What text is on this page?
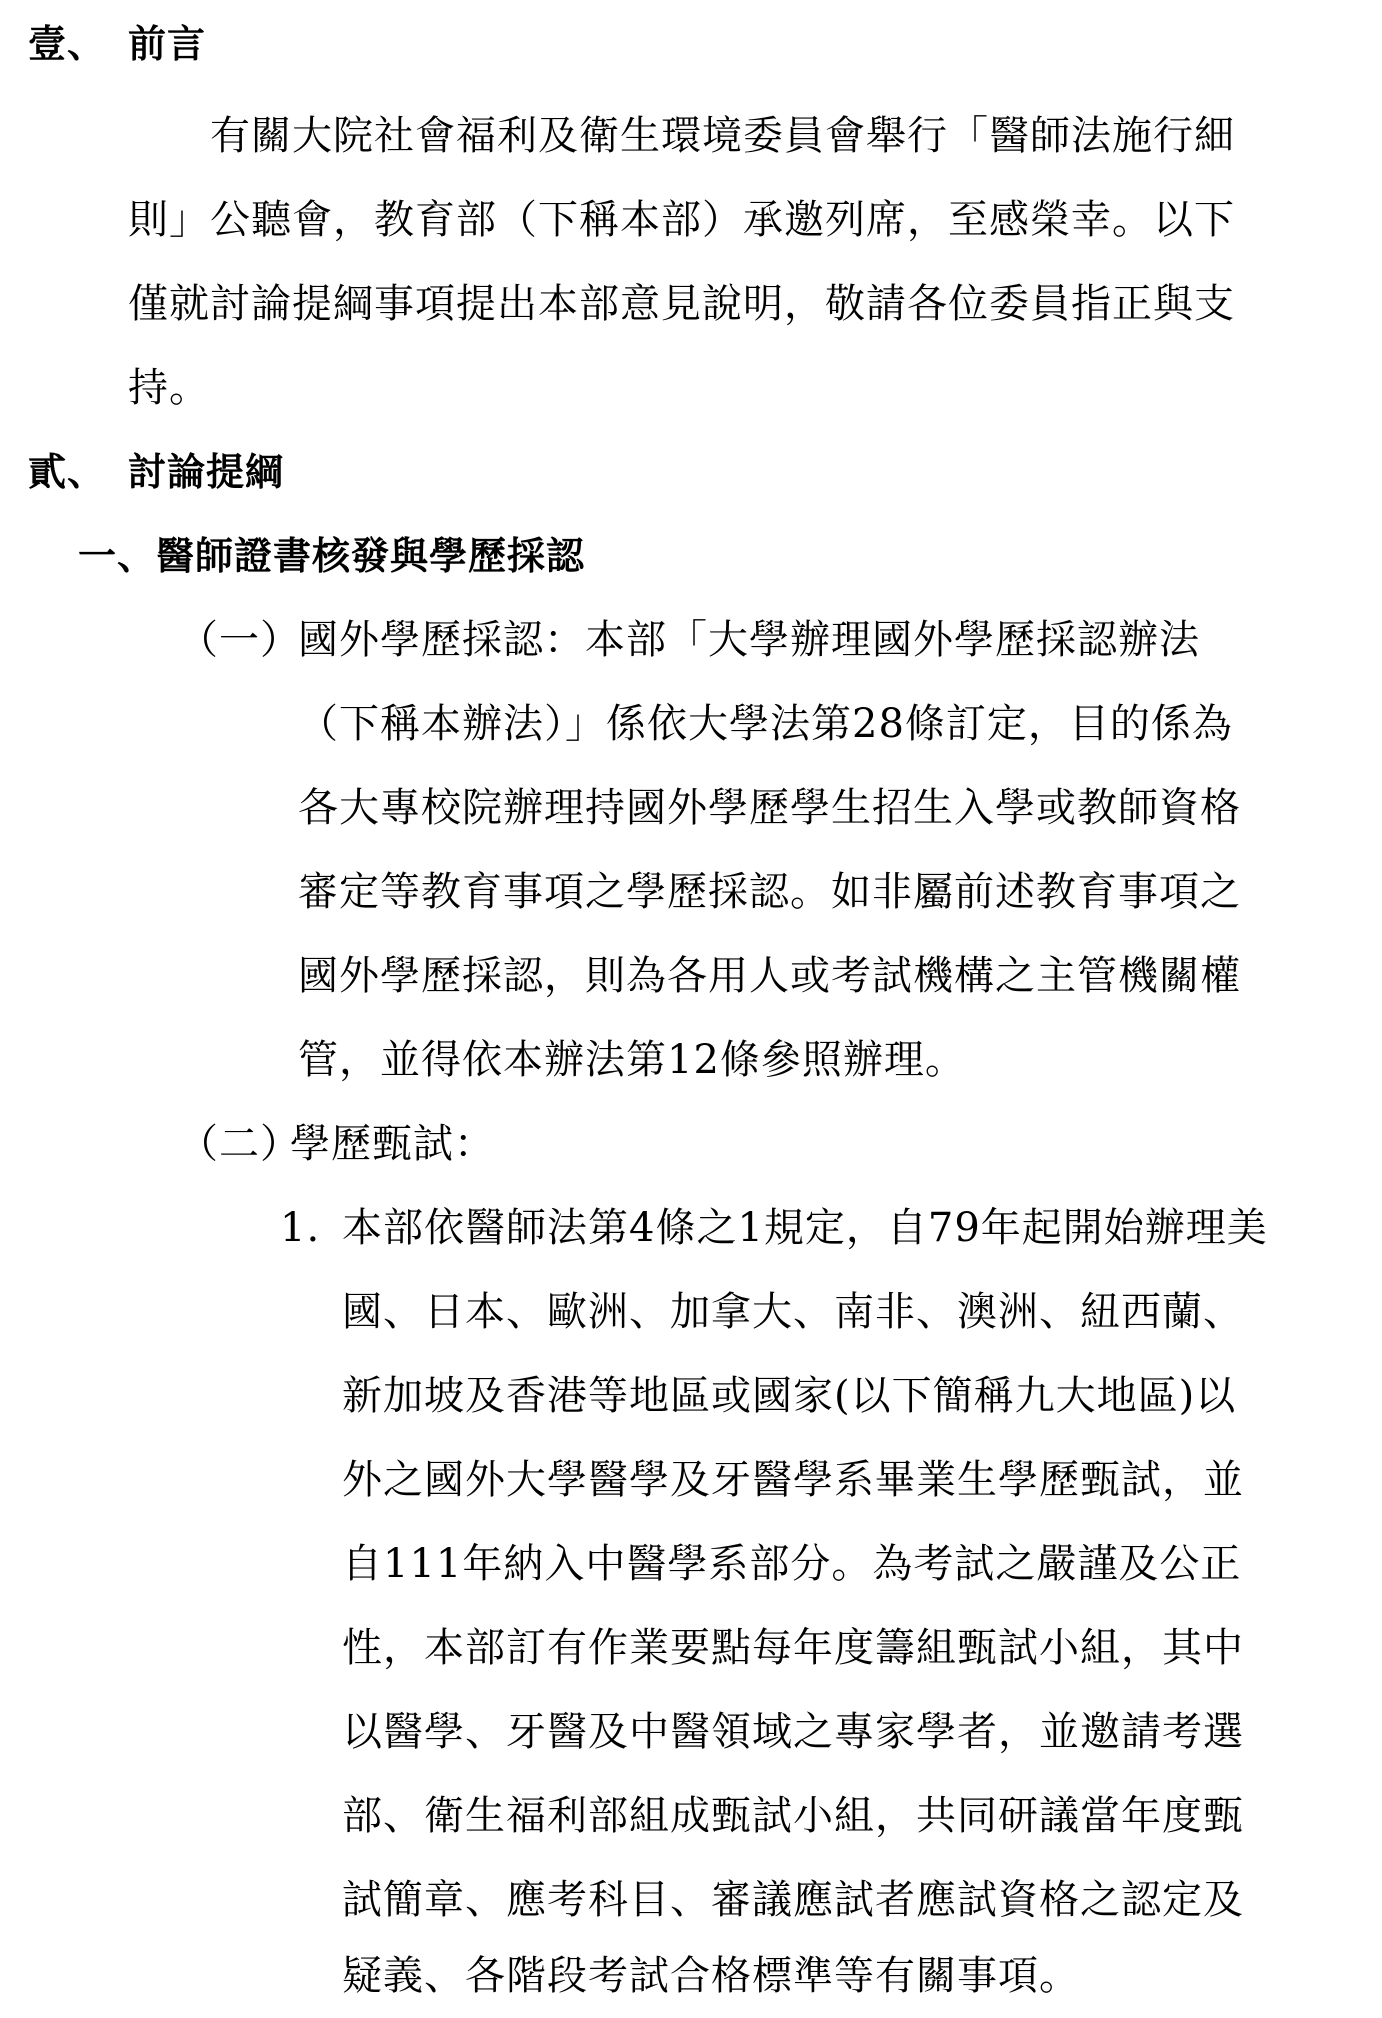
壹、 前言
有關大院社會福利及衛生環境委員會舉行「醫師法施行細
則」公聽會，教育部（下稱本部）承邀列席，至感榮幸。以下
僅就討論提綱事項提出本部意見說明，敬請各位委員指正與支
持。
貳、 討論提綱
一、醫師證書核發與學歷採認
（一）
國外學歷採認：本部「大學辦理國外學歷採認辦法
（下稱本辦法）」係依大學法第28條訂定，目的係為
各大專校院辦理持國外學歷學生招生入學或教師資格
審定等教育事項之學歷採認。如非屬前述教育事項之
國外學歷採認，則為各用人或考試機構之主管機關權
管，並得依本辦法第12條參照辦理。
（二）
學歷甄試：
1. 本部依醫師法第4條之1規定，自79年起開始辦理美
國、日本、歐洲、加拿大、南非、澳洲、紐西蘭、
新加坡及香港等地區或國家(以下簡稱九大地區)以
外之國外大學醫學及牙醫學系畢業生學歷甄試，並
自111年納入中醫學系部分。為考試之嚴謹及公正
性，本部訂有作業要點每年度籌組甄試小組，其中
以醫學、牙醫及中醫領域之專家學者，並邀請考選
部、衛生福利部組成甄試小組，共同研議當年度甄
試簡章、應考科目、審議應試者應試資格之認定及
疑義、各階段考試合格標準等有關事項。
